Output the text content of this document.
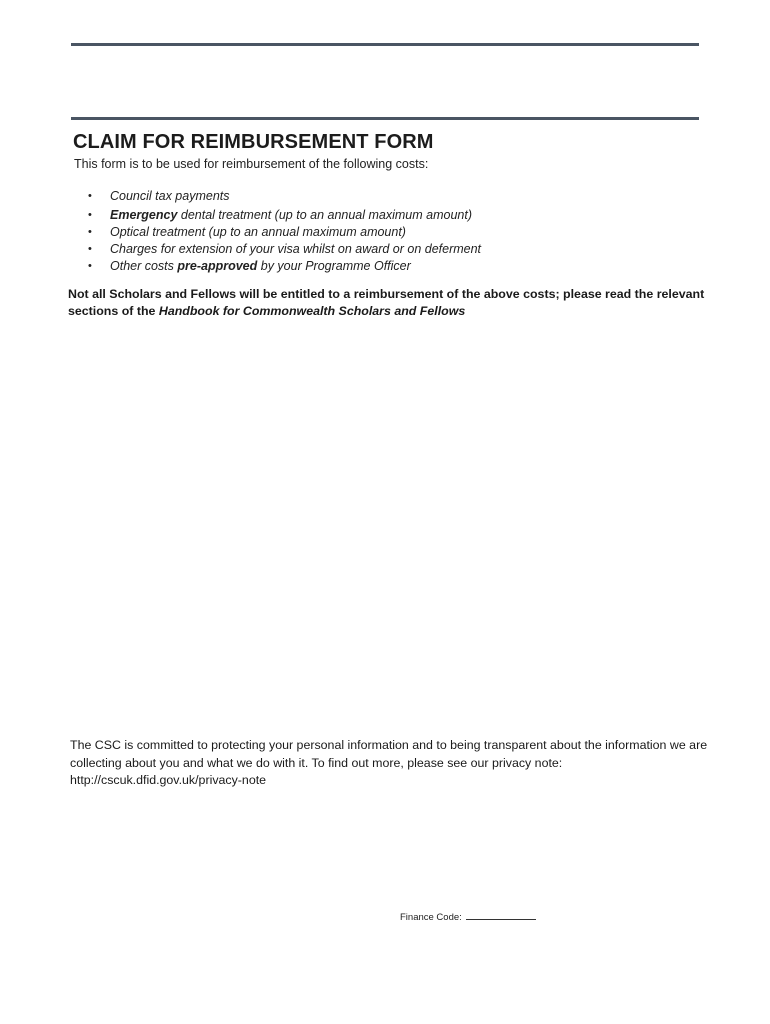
CLAIM FOR REIMBURSEMENT FORM
This form is to be used for reimbursement of the following costs:
• Council tax payments
• Emergency dental treatment (up to an annual maximum amount)
• Optical treatment (up to an annual maximum amount)
• Charges for extension of your visa whilst on award or on deferment
• Other costs pre-approved by your Programme Officer
Not all Scholars and Fellows will be entitled to a reimbursement of the above costs; please read the relevant sections of the Handbook for Commonwealth Scholars and Fellows
The CSC is committed to protecting your personal information and to being transparent about the information we are collecting about you and what we do with it. To find out more, please see our privacy note:
http://cscuk.dfid.gov.uk/privacy-note
Finance Code:
